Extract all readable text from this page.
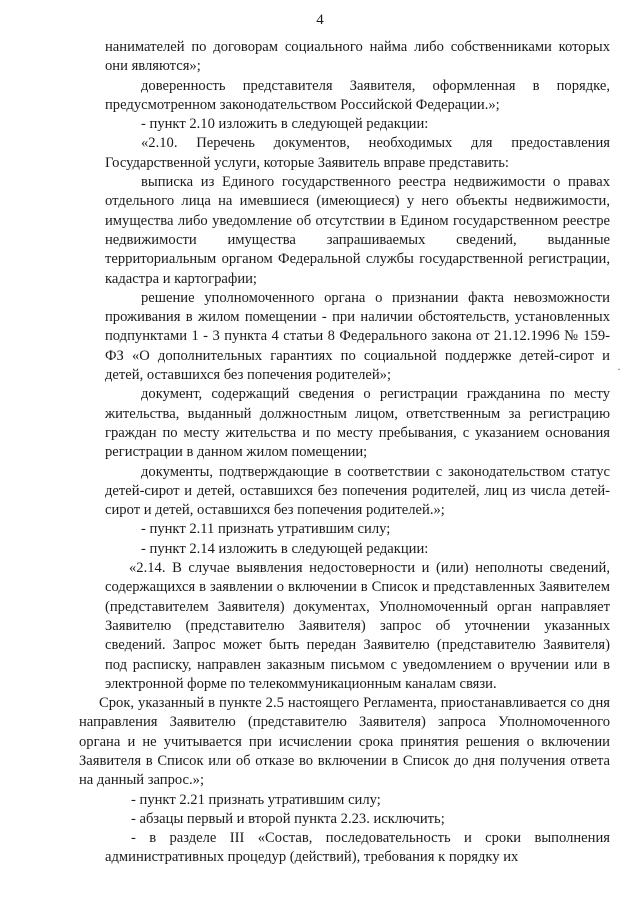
4

нанимателей по договорам социального найма либо собственниками которых они являются»;

доверенность представителя Заявителя, оформленная в порядке, предусмотренном законодательством Российской Федерации.»;

- пункт 2.10 изложить в следующей редакции:

«2.10. Перечень документов, необходимых для предоставления Государственной услуги, которые Заявитель вправе представить:

выписка из Единого государственного реестра недвижимости о правах отдельного лица на имевшиеся (имеющиеся) у него объекты недвижимости, имущества либо уведомление об отсутствии в Едином государственном реестре недвижимости имущества запрашиваемых сведений, выданные территориальным органом Федеральной службы государственной регистрации, кадастра и картографии;

решение уполномоченного органа о признании факта невозможности проживания в жилом помещении - при наличии обстоятельств, установленных подпунктами 1 - 3 пункта 4 статьи 8 Федерального закона от 21.12.1996 № 159-ФЗ «О дополнительных гарантиях по социальной поддержке детей-сирот и детей, оставшихся без попечения родителей»;

документ, содержащий сведения о регистрации гражданина по месту жительства, выданный должностным лицом, ответственным за регистрацию граждан по месту жительства и по месту пребывания, с указанием основания регистрации в данном жилом помещении;

документы, подтверждающие в соответствии с законодательством статус детей-сирот и детей, оставшихся без попечения родителей, лиц из числа детей-сирот и детей, оставшихся без попечения родителей.»;

- пункт 2.11 признать утратившим силу;

- пункт 2.14 изложить в следующей редакции:

«2.14. В случае выявления недостоверности и (или) неполноты сведений, содержащихся в заявлении о включении в Список и представленных Заявителем (представителем Заявителя) документах, Уполномоченный орган направляет Заявителю (представителю Заявителя) запрос об уточнении указанных сведений. Запрос может быть передан Заявителю (представителю Заявителя) под расписку, направлен заказным письмом с уведомлением о вручении или в электронной форме по телекоммуникационным каналам связи.

Срок, указанный в пункте 2.5 настоящего Регламента, приостанавливается со дня направления Заявителю (представителю Заявителя) запроса Уполномоченного органа и не учитывается при исчислении срока принятия решения о включении Заявителя в Список или об отказе во включении в Список до дня получения ответа на данный запрос.»;

- пункт 2.21 признать утратившим силу;

- абзацы первый и второй пункта 2.23. исключить;

- в разделе III «Состав, последовательность и сроки выполнения административных процедур (действий), требования к порядку их

·
